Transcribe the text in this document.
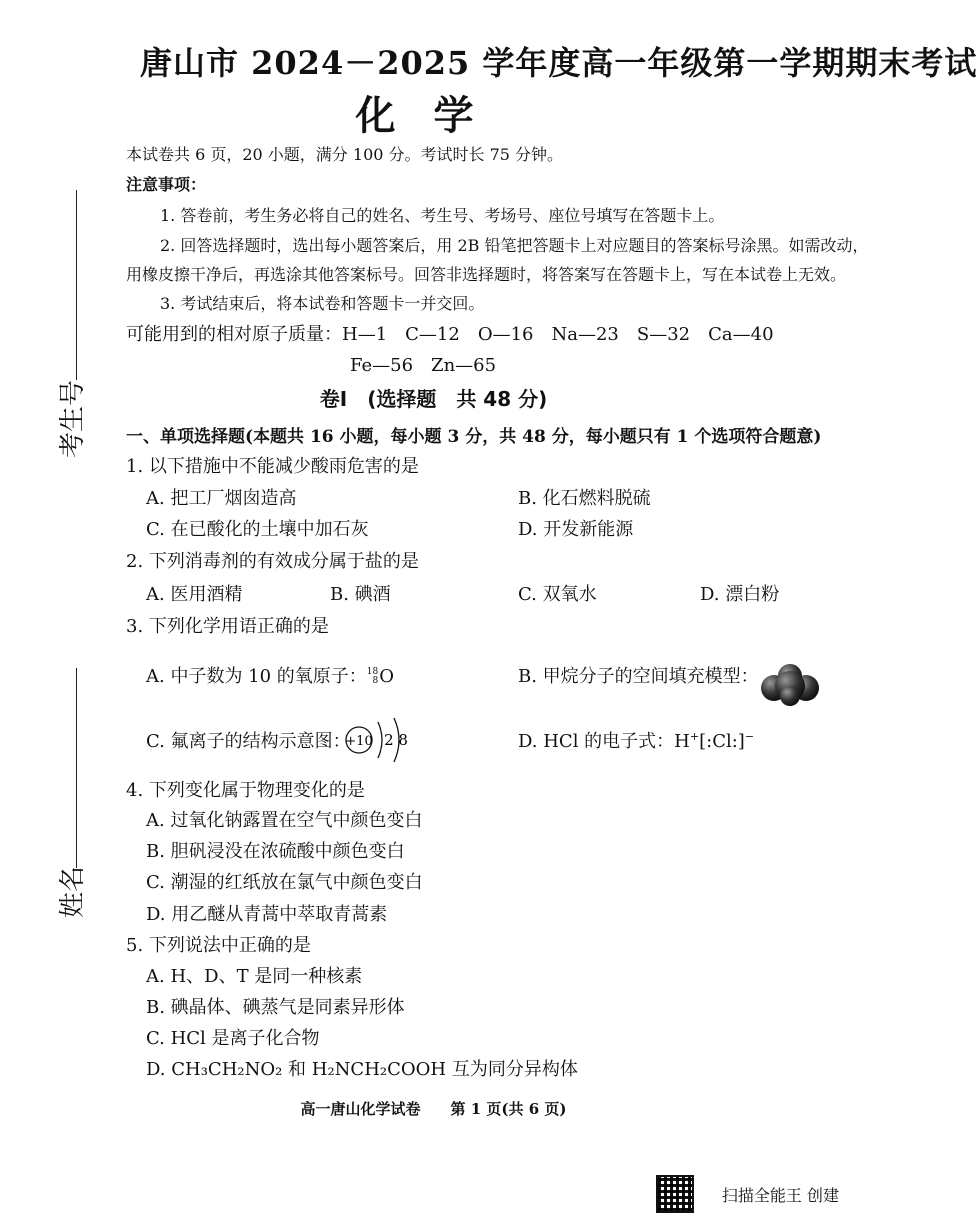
唐山市 2024－2025 学年度高一年级第一学期期末考试
化学
本试卷共 6 页，20 小题，满分 100 分。考试时长 75 分钟。
注意事项：
1. 答卷前，考生务必将自己的姓名、考生号、考场号、座位号填写在答题卡上。
2. 回答选择题时，选出每小题答案后，用 2B 铅笔把答题卡上对应题目的答案标号涂黑。如需改动，
用橡皮擦干净后，再选涂其他答案标号。回答非选择题时，将答案写在答题卡上，写在本试卷上无效。
3. 考试结束后，将本试卷和答题卡一并交回。
可能用到的相对原子质量：H—1　C—12　O—16　Na—23　S—32　Ca—40
Fe—56　Zn—65
考生号
姓名
卷Ⅰ　(选择题　共 48 分)
一、单项选择题(本题共 16 小题，每小题 3 分，共 48 分，每小题只有 1 个选项符合题意)
1. 以下措施中不能减少酸雨危害的是
A. 把工厂烟囱造高	B. 化石燃料脱硫
C. 在已酸化的土壤中加石灰	D. 开发新能源
2. 下列消毒剂的有效成分属于盐的是
A. 医用酒精	B. 碘酒	C. 双氧水	D. 漂白粉
3. 下列化学用语正确的是
A. 中子数为 10 的氧原子：18
8O	B. 甲烷分子的空间填充模型：
C. 氟离子的结构示意图：
+10 2 8	D. HCl 的电子式：H+[:Cl:]−
4. 下列变化属于物理变化的是
A. 过氧化钠露置在空气中颜色变白
B. 胆矾浸没在浓硫酸中颜色变白
C. 潮湿的红纸放在氯气中颜色变白
D. 用乙醚从青蒿中萃取青蒿素
5. 下列说法中正确的是
A. H、D、T 是同一种核素
B. 碘晶体、碘蒸气是同素异形体
C. HCl 是离子化合物
D. CH₃CH₂NO₂ 和 H₂NCH₂COOH 互为同分异构体
高一唐山化学试卷　　第 1 页(共 6 页)
扫描全能王 创建
